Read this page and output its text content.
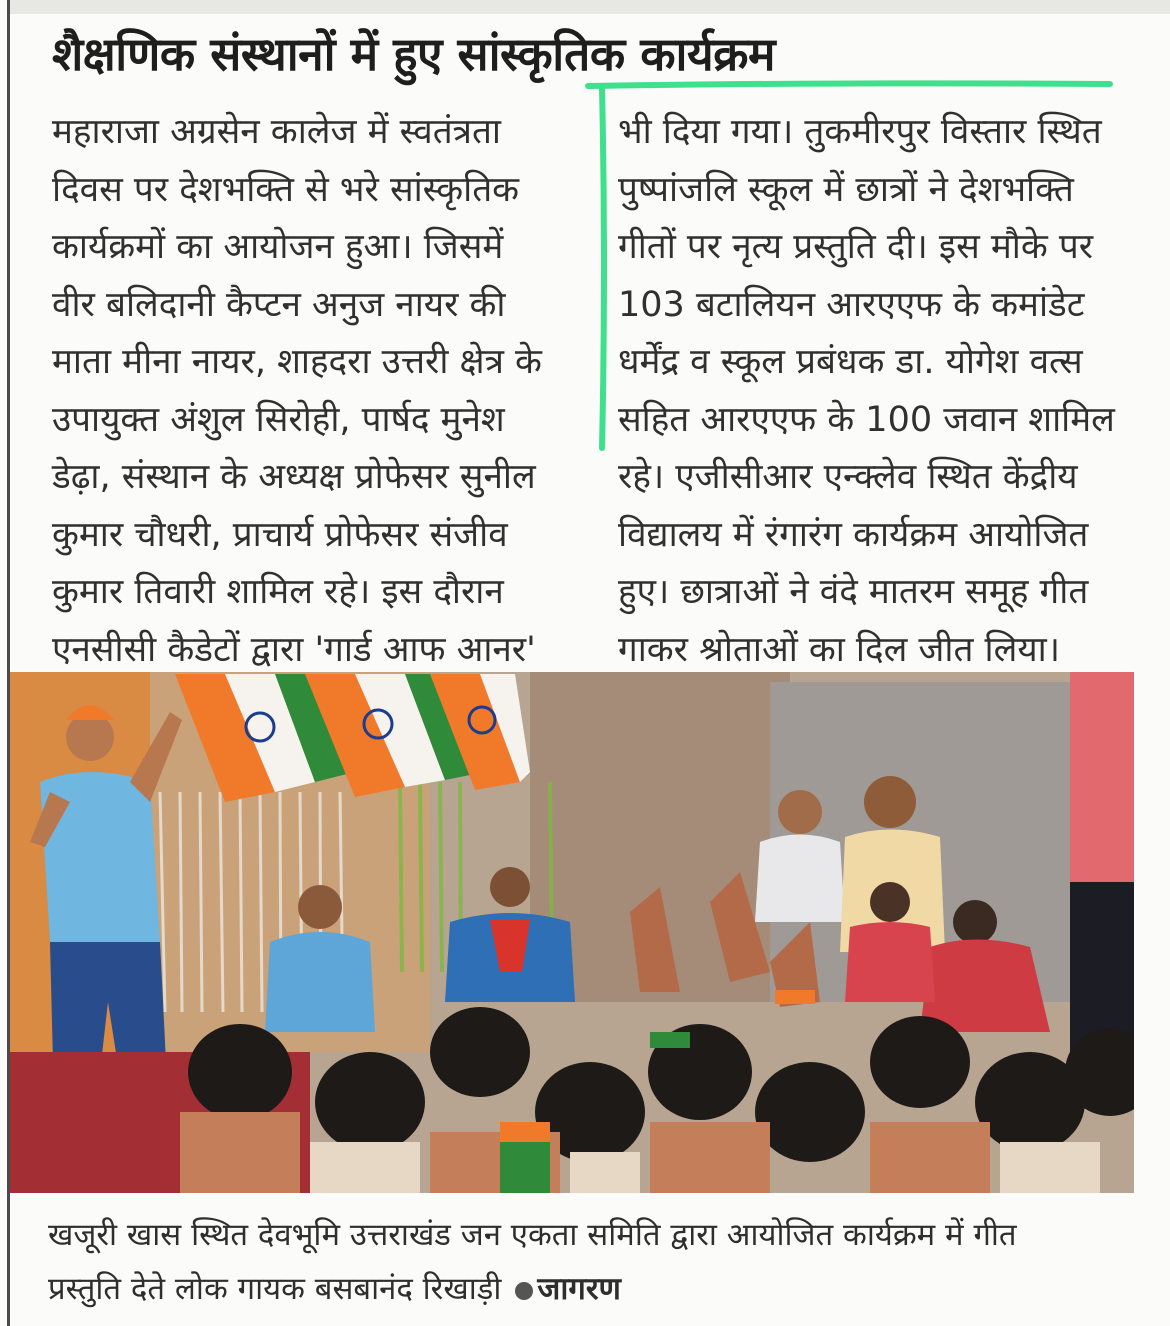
शैक्षणिक संस्थानों में हुए सांस्कृतिक कार्यक्रम

महाराजा अग्रसेन कालेज में स्वतंत्रता

दिवस पर देशभक्ति से भरे सांस्कृतिक

कार्यक्रमों का आयोजन हुआ। जिसमें

वीर बलिदानी कैप्टन अनुज नायर की

माता मीना नायर, शाहदरा उत्तरी क्षेत्र के

उपायुक्त अंशुल सिरोही, पार्षद मुनेश

डेढ़ा, संस्थान के अध्यक्ष प्रोफेसर सुनील

कुमार चौधरी, प्राचार्य प्रोफेसर संजीव

कुमार तिवारी शामिल रहे। इस दौरान

एनसीसी कैडेटों द्वारा 'गार्ड आफ आनर'

भी दिया गया। तुकमीरपुर विस्तार स्थित

पुष्पांजलि स्कूल में छात्रों ने देशभक्ति

गीतों पर नृत्य प्रस्तुति दी। इस मौके पर

103 बटालियन आरएएफ के कमांडेट

धर्मेंद्र व स्कूल प्रबंधक डा. योगेश वत्स

सहित आरएएफ के 100 जवान शामिल

रहे। एजीसीआर एन्क्लेव स्थित केंद्रीय

विद्यालय में रंगारंग कार्यक्रम आयोजित

हुए। छात्राओं ने वंदे मातरम समूह गीत

गाकर श्रोताओं का दिल जीत लिया।

खजूरी खास स्थित देवभूमि उत्तराखंड जन एकता समिति द्वारा आयोजित कार्यक्रम में गीत

प्रस्तुति देते लोक गायक बसबानंद रिखाड़ी जागरण
